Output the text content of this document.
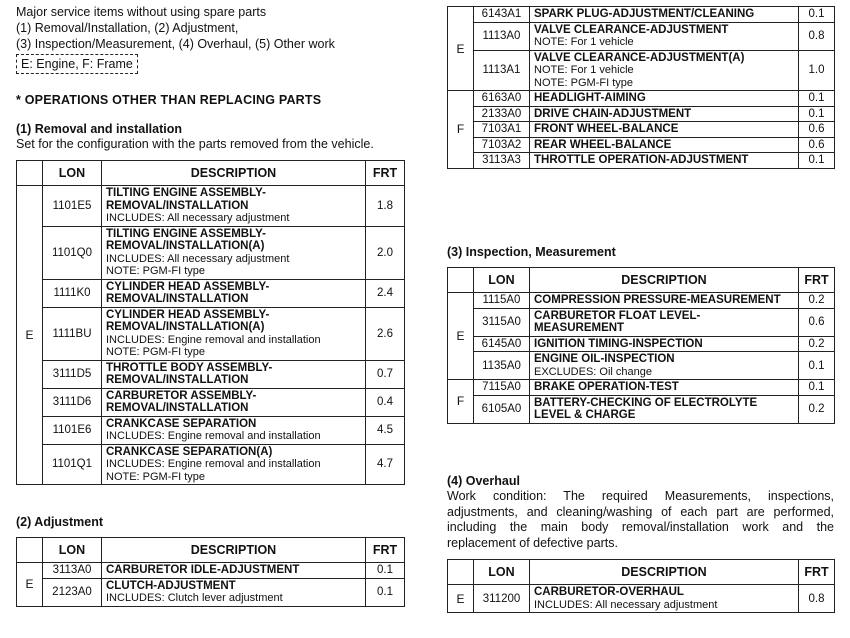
Major service items without using spare parts
(1) Removal/Installation, (2) Adjustment,
(3) Inspection/Measurement, (4) Overhaul, (5) Other work
E: Engine, F: Frame
* OPERATIONS OTHER THAN REPLACING PARTS
(1) Removal and installation
Set for the configuration with the parts removed from the vehicle.
	LON	DESCRIPTION	FRT
E	1101E5	TILTING ENGINE ASSEMBLY-
REMOVAL/INSTALLATION
INCLUDES: All necessary adjustment	1.8
	1101Q0	TILTING ENGINE ASSEMBLY-
REMOVAL/INSTALLATION(A)
INCLUDES: All necessary adjustment
NOTE: PGM-FI type	2.0
	1111K0	CYLINDER HEAD ASSEMBLY-
REMOVAL/INSTALLATION	2.4
	1111BU	CYLINDER HEAD ASSEMBLY-
REMOVAL/INSTALLATION(A)
INCLUDES: Engine removal and installation
NOTE: PGM-FI type	2.6
	3111D5	THROTTLE BODY ASSEMBLY-
REMOVAL/INSTALLATION	0.7
	3111D6	CARBURETOR ASSEMBLY-
REMOVAL/INSTALLATION	0.4
	1101E6	CRANKCASE SEPARATION
INCLUDES: Engine removal and installation	4.5
	1101Q1	CRANKCASE SEPARATION(A)
INCLUDES: Engine removal and installation
NOTE: PGM-FI type	4.7
(2) Adjustment
	LON	DESCRIPTION	FRT
E	3113A0	CARBURETOR IDLE-ADJUSTMENT	0.1
	2123A0	CLUTCH-ADJUSTMENT
INCLUDES: Clutch lever adjustment	0.1
E	6143A1	SPARK PLUG-ADJUSTMENT/CLEANING	0.1
	1113A0	VALVE CLEARANCE-ADJUSTMENT
NOTE: For 1 vehicle	0.8
	1113A1	VALVE CLEARANCE-ADJUSTMENT(A)
NOTE: For 1 vehicle
NOTE: PGM-FI type	1.0
F	6163A0	HEADLIGHT-AIMING	0.1
	2133A0	DRIVE CHAIN-ADJUSTMENT	0.1
	7103A1	FRONT WHEEL-BALANCE	0.6
	7103A2	REAR WHEEL-BALANCE	0.6
	3113A3	THROTTLE OPERATION-ADJUSTMENT	0.1
(3) Inspection, Measurement
	LON	DESCRIPTION	FRT
E	1115A0	COMPRESSION PRESSURE-MEASUREMENT	0.2
	3115A0	CARBURETOR FLOAT LEVEL-
MEASUREMENT	0.6
	6145A0	IGNITION TIMING-INSPECTION	0.2
	1135A0	ENGINE OIL-INSPECTION
EXCLUDES: Oil change	0.1
F	7115A0	BRAKE OPERATION-TEST	0.1
	6105A0	BATTERY-CHECKING OF ELECTROLYTE
LEVEL & CHARGE	0.2
(4) Overhaul
Work condition: The required Measurements, inspections, adjustments, and cleaning/washing of each part are performed, including the main body removal/installation work and the replacement of defective parts.
	LON	DESCRIPTION	FRT
E	311200	CARBURETOR-OVERHAUL
INCLUDES: All necessary adjustment	0.8
